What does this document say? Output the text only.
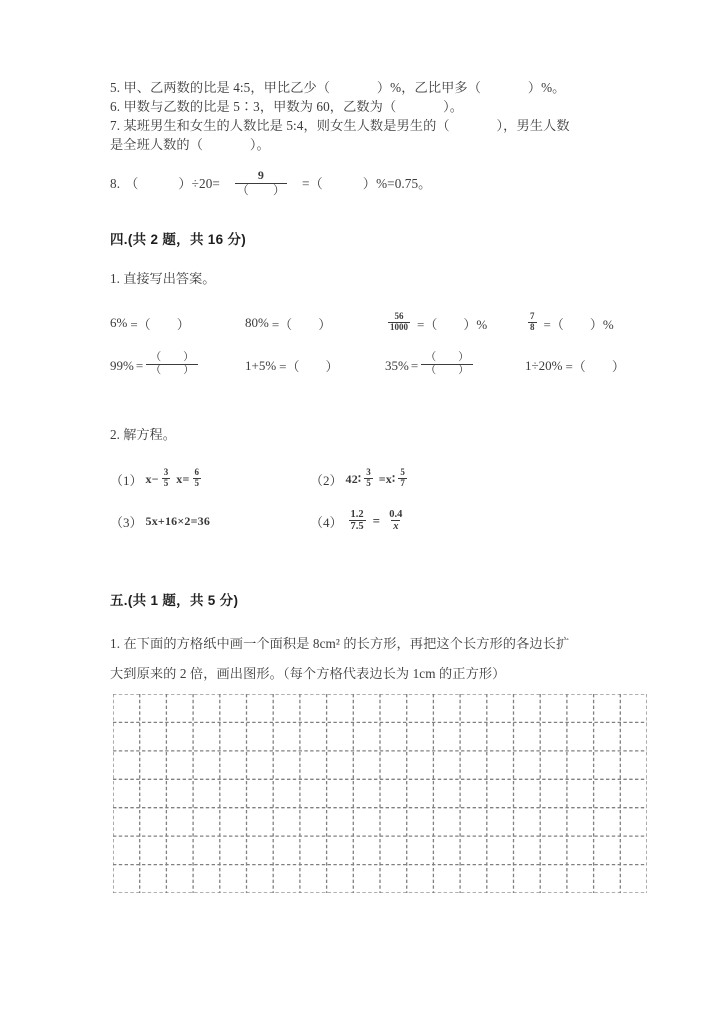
5. 甲、乙两数的比是 4:5，甲比乙少（	）%，乙比甲多（	）%。
6. 甲数与乙数的比是 5∶3，甲数为 60，乙数为（	）。
7. 某班男生和女生的人数比是 5:4，则女生人数是男生的（	），男生人数
是全班人数的（	）。
8. （	）$\div 20= \frac{9}{( )}$ =（	）%=0.75。
四.(共 2 题，共 16 分)
1. 直接写出答案。
6% =（ ）	80% =（ ）	$\frac{56}{1000}$ =（ ）%	$\frac{7}{8}$ =（ ）%
$99\% = \frac{( )}{( )}$	1+5% =（ ）	$35\% = \frac{( )}{( )}$	1÷20% =（ ）
2. 解方程。
（1） $x- \frac{3}{5} x= \frac{6}{5}$	（2） 42∶ $\frac{3}{5}$ =x∶ $\frac{5}{7}$
（3） 5x+16×2=36	$(4) \frac{1.2}{7.5} = \frac{0.4}{x}$
五.(共 1 题，共 5 分)
1. 在下面的方格纸中画一个面积是 8cm² 的长方形，再把这个长方形的各边长扩
大到原来的 2 倍，画出图形。（每个方格代表边长为 1cm 的正方形）
